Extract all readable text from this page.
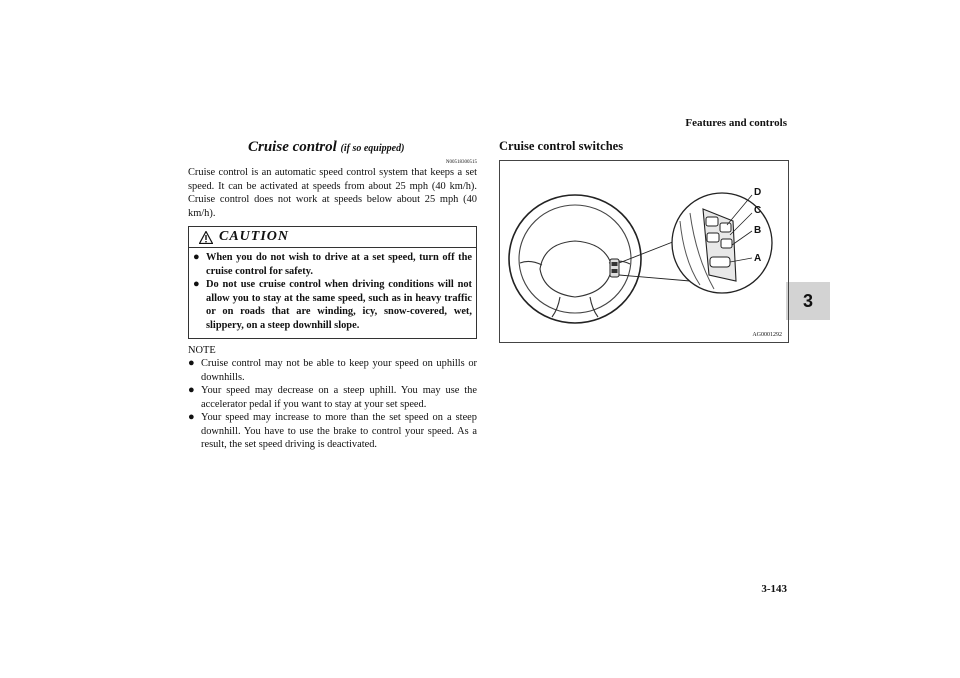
Features and controls
3
3-143
Cruise control (if so equipped)
N00518300515
Cruise control is an automatic speed control system that keeps a set speed. It can be activated at speeds from about 25 mph (40 km/h). Cruise control does not work at speeds below about 25 mph (40 km/h).
CAUTION
● When you do not wish to drive at a set speed, turn off the cruise control for safety.
● Do not use cruise control when driving conditions will not allow you to stay at the same speed, such as in heavy traffic or on roads that are winding, icy, snow-covered, wet, slippery, on a steep downhill slope.
NOTE
● Cruise control may not be able to keep your speed on uphills or downhills.
● Your speed may decrease on a steep uphill. You may use the accelerator pedal if you want to stay at your set speed.
● Your speed may increase to more than the set speed on a steep downhill. You have to use the brake to control your speed. As a result, the set speed driving is deactivated.
Cruise control switches
D
C
B
A
AG0001292
